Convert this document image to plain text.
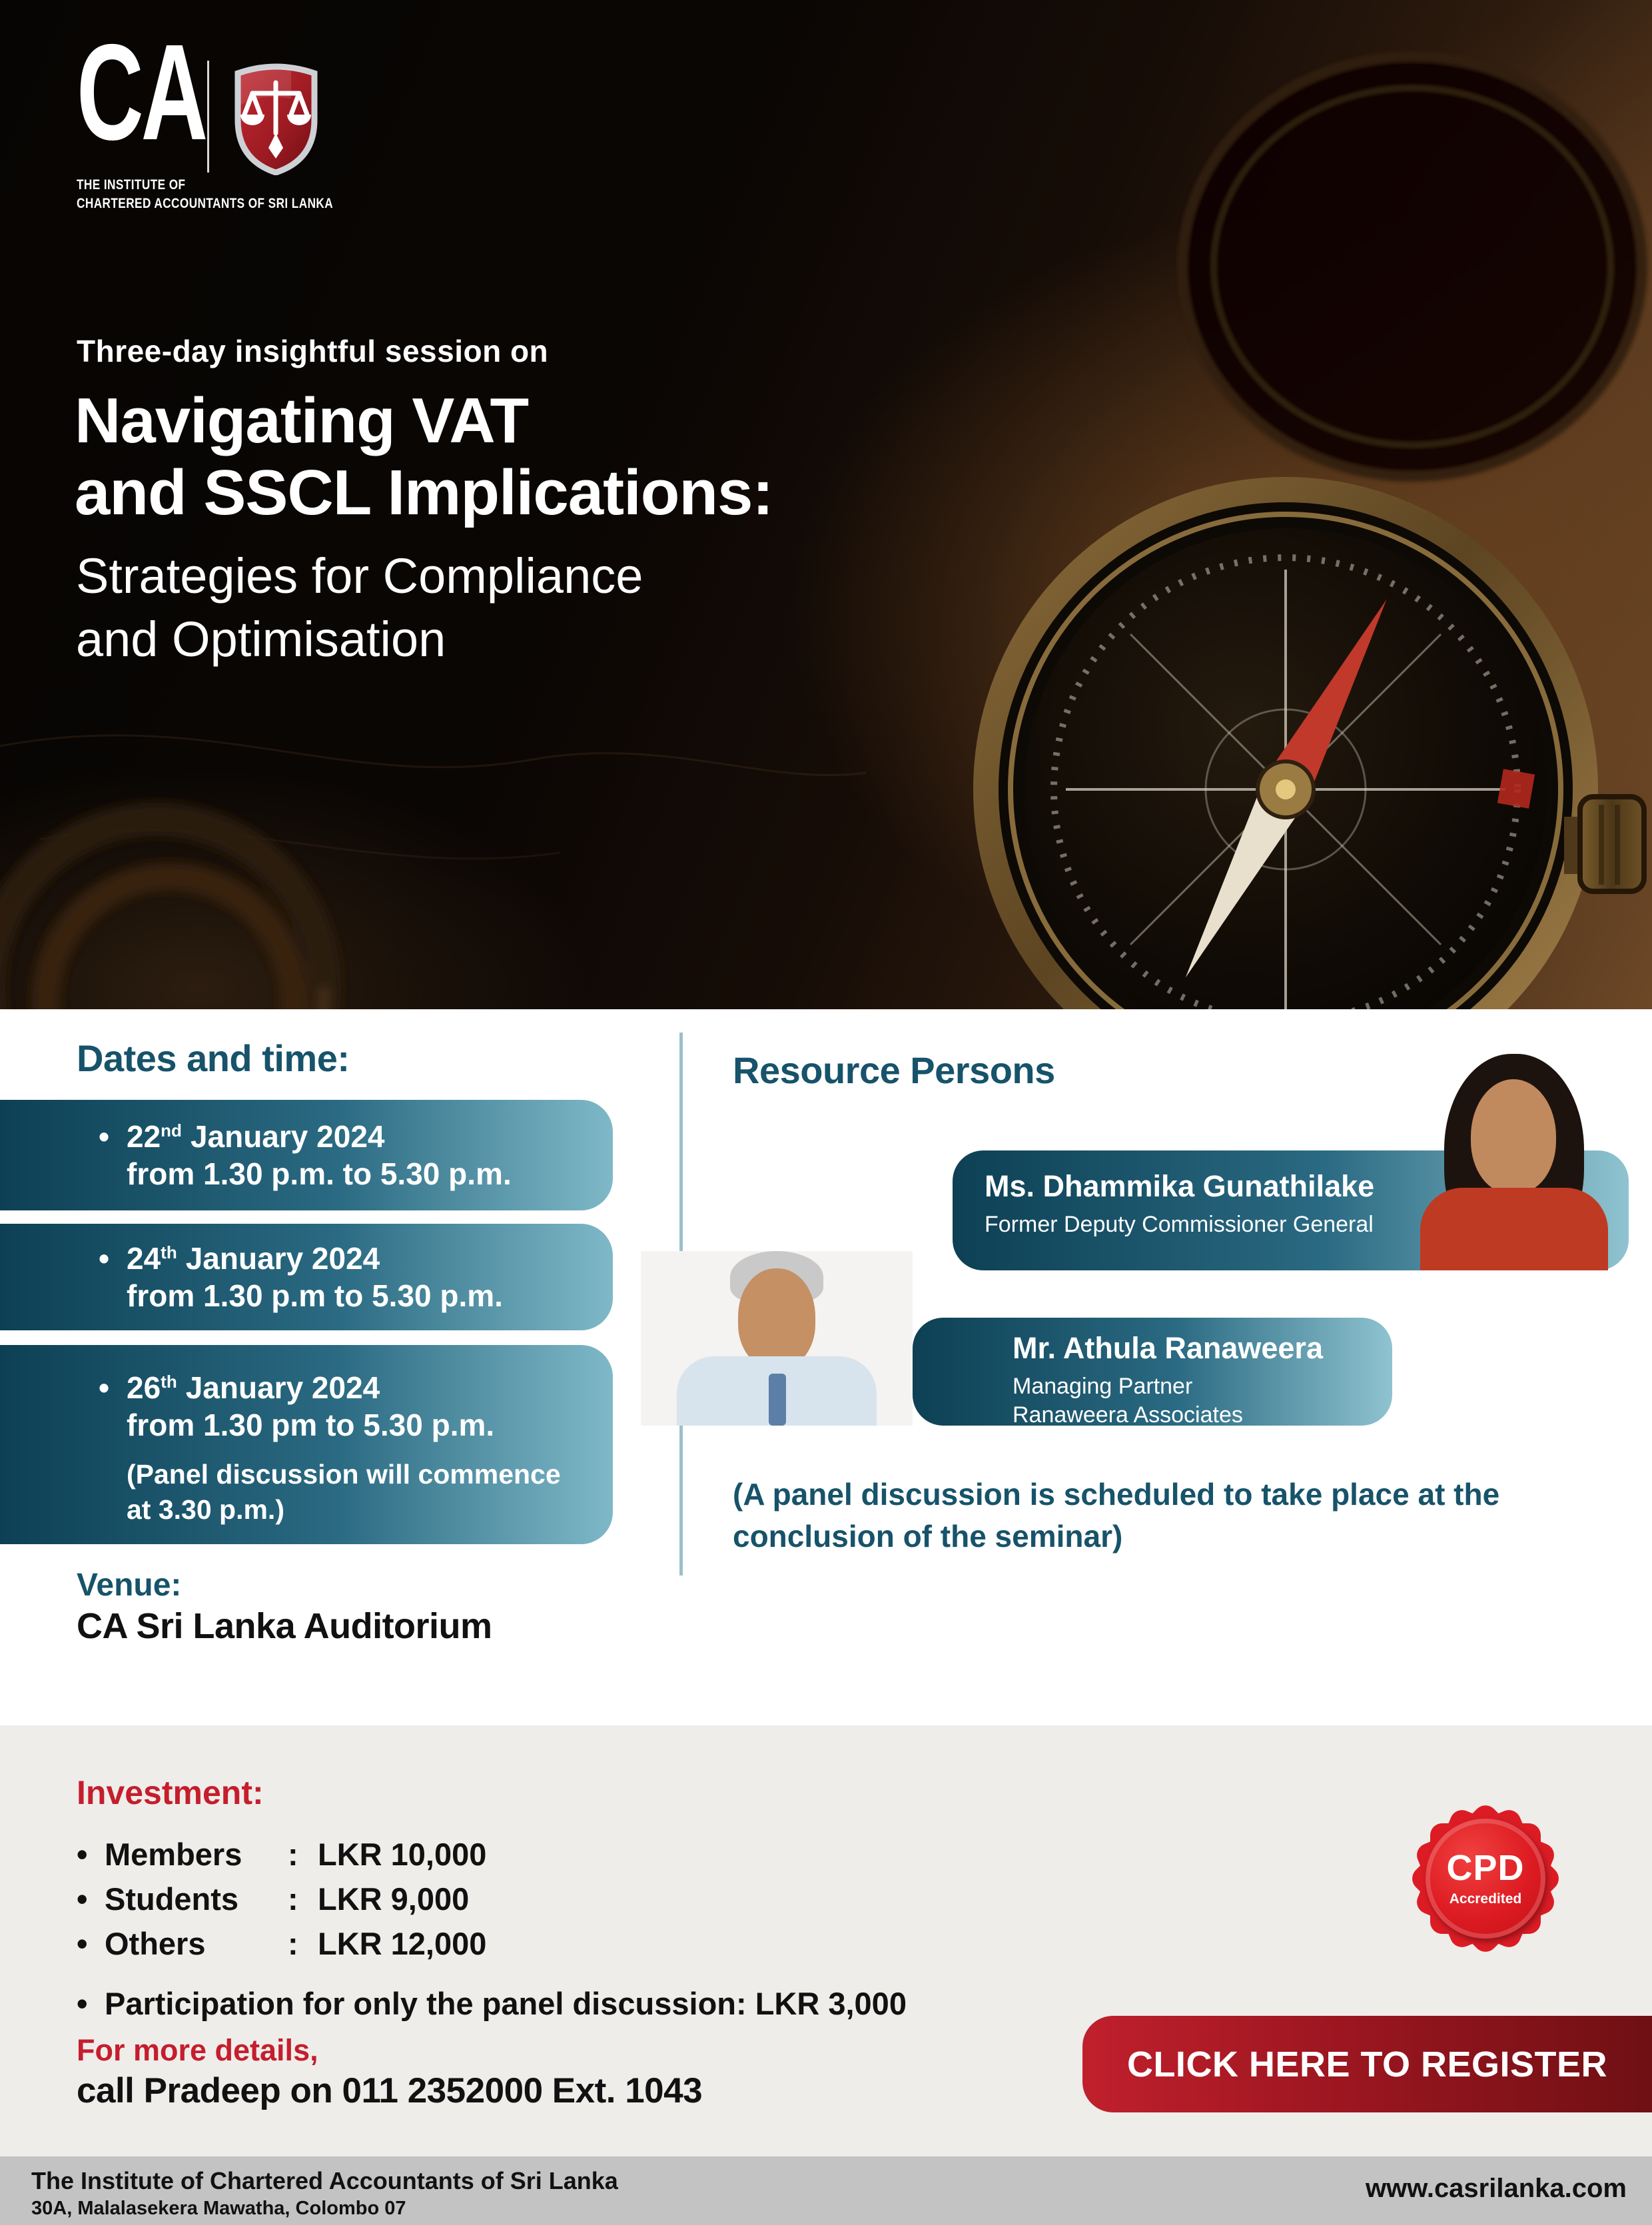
CA
THE INSTITUTE OF
CHARTERED ACCOUNTANTS OF SRI LANKA
Three-day insightful session on
Navigating VAT
and SSCL Implications:
Strategies for Compliance
and Optimisation
Dates and time:	Resource Persons
• 22nd January 2024
from 1.30 p.m. to 5.30 p.m.
• 24th January 2024
from 1.30 p.m to 5.30 p.m.
• 26th January 2024
from 1.30 pm to 5.30 p.m.
(Panel discussion will commence at 3.30 p.m.)
Venue:
CA Sri Lanka Auditorium
Ms. Dhammika Gunathilake
Former Deputy Commissioner General
Mr. Athula Ranaweera
Managing Partner
Ranaweera Associates
(A panel discussion is scheduled to take place at the
conclusion of the seminar)
Investment:
• Members	: LKR 10,000
• Students	: LKR 9,000
• Others	: LKR 12,000
• Participation for only the panel discussion: LKR 3,000
CPD
Accredited
For more details,
call Pradeep on 011 2352000 Ext. 1043
CLICK HERE TO REGISTER
The Institute of Chartered Accountants of Sri Lanka
30A, Malalasekera Mawatha, Colombo 07
www.casrilanka.com
